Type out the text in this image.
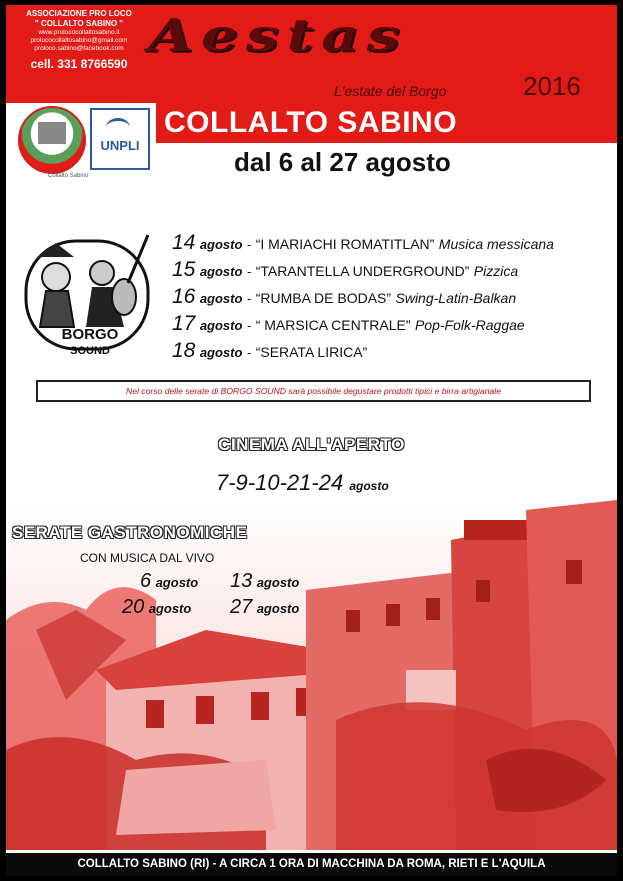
ASSOCIAZIONE PRO LOCO
" COLLALTO SABINO "
www.prolococollaltosabino.it
prolococollaltosabino@gmail.com
proloco.sabino@facebook.com
cell. 331 8766590
Aestas
L'estate del Borgo	2016
COLLALTO SABINO
Collalto Sabino
UNPLI
dal 6 al 27 agosto
BORGO
SOUND
14 agosto - “I MARIACHI ROMATITLAN” Musica messicana
15 agosto - “TARANTELLA UNDERGROUND” Pizzica
16 agosto - “RUMBA DE BODAS” Swing-Latin-Balkan
17 agosto - “ MARSICA CENTRALE” Pop-Folk-Raggae
18 agosto - “SERATA LIRICA”
Nel corso delle serate di BORGO SOUND sarà possibile degustare prodotti tipici e birra artigianale
CINEMA ALL'APERTO
7-9-10-21-24 agosto
SERATE GASTRONOMICHE
CON MUSICA DAL VIVO
6 agosto 13 agosto
20 agosto 27 agosto
COLLALTO SABINO (RI) - A CIRCA 1 ORA DI MACCHINA DA ROMA, RIETI E L'AQUILA
